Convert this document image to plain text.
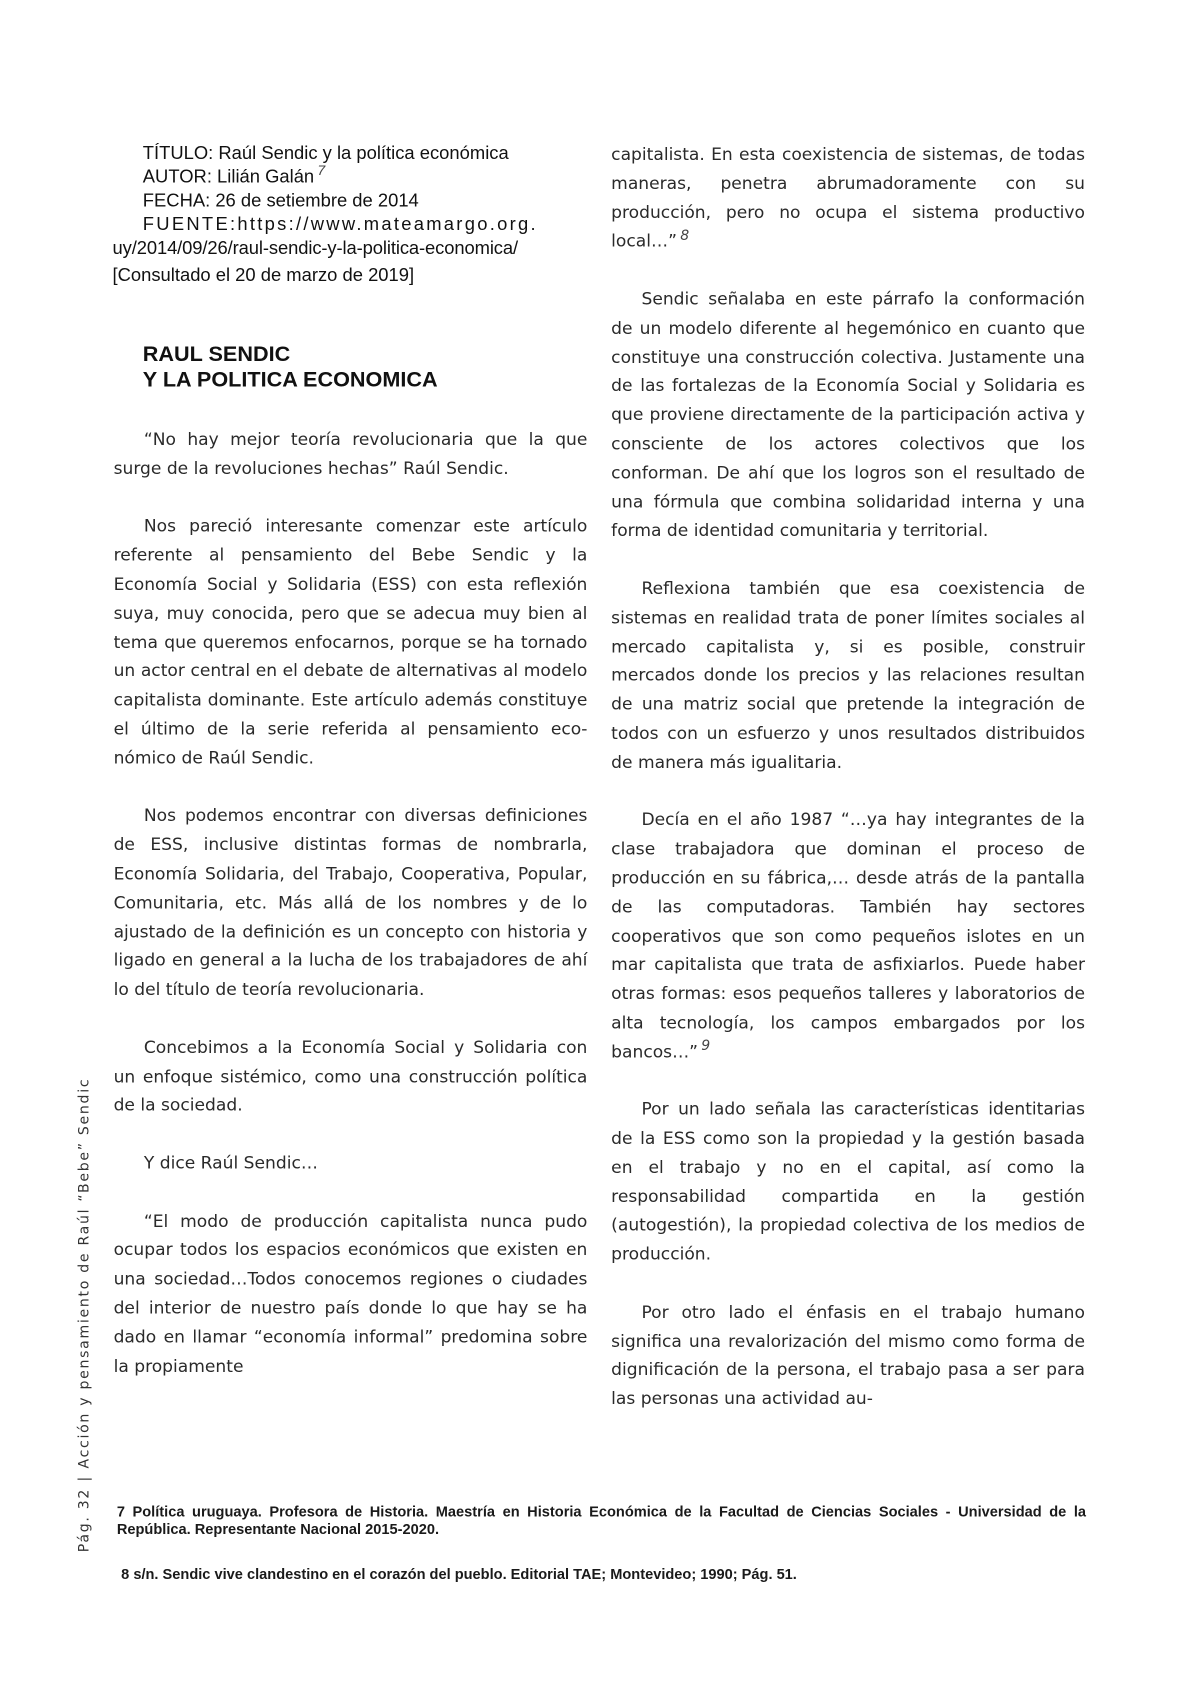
TÍTULO: Raúl Sendic y la política económica
AUTOR: Lilián Galán $^7$
FECHA: 26 de setiembre de 2014
FUENTE:https://www.mateamargo.org.
uy/2014/09/26/raul-sendic-y-la-politica-economica/
[Consultado el 20 de marzo de 2019]
RAUL SENDIC
Y LA POLITICA ECONOMICA

“No hay mejor teoría revolucionaria que la que surge de la revoluciones hechas” Raúl Sendic.

Nos pareció interesante comenzar este artículo referente al pensamiento del Bebe Sendic y la Economía Social y Solidaria (ESS) con esta reflexión suya, muy conocida, pero que se adecua muy bien al tema que queremos enfocarnos, porque se ha tornado un actor central en el debate de alternativas al modelo capitalista dominante. Este artículo además constituye el último de la serie referida al pensamiento económico de Raúl Sendic.

Nos podemos encontrar con diversas definiciones de ESS, inclusive distintas formas de nombrarla, Economía Solidaria, del Trabajo, Cooperativa, Popular, Comunitaria, etc. Más allá de los nombres y de lo ajustado de la definición es un concepto con historia y ligado en general a la lucha de los trabajadores de ahí lo del título de teoría revolucionaria.

Concebimos a la Economía Social y Solidaria con un enfoque sistémico, como una construcción política de la sociedad.

Y dice Raúl Sendic…

“El modo de producción capitalista nunca pudo ocupar todos los espacios económicos que existen en una sociedad…Todos conocemos regiones o ciudades del interior de nuestro país donde lo que hay se ha dado en llamar “economía informal” predomina sobre la propiamente

capitalista. En esta coexistencia de sistemas, de todas maneras, penetra abrumadoramente con su producción, pero no ocupa el sistema productivo local…” $^8$

Sendic señalaba en este párrafo la conformación de un modelo diferente al hegemónico en cuanto que constituye una construcción colectiva. Justamente una de las fortalezas de la Economía Social y Solidaria es que proviene directamente de la participación activa y consciente de los actores colectivos que los conforman. De ahí que los logros son el resultado de una fórmula que combina solidaridad interna y una forma de identidad comunitaria y territorial.

Reflexiona también que esa coexistencia de sistemas en realidad trata de poner límites sociales al mercado capitalista y, si es posible, construir mercados donde los precios y las relaciones resultan de una matriz social que pretende la integración de todos con un esfuerzo y unos resultados distribuidos de manera más igualitaria.

Decía en el año 1987 “…ya hay integrantes de la clase trabajadora que dominan el proceso de producción en su fábrica,… desde atrás de la pantalla de las computadoras. También hay sectores cooperativos que son como pequeños islotes en un mar capitalista que trata de asfixiarlos. Puede haber otras formas: esos pequeños talleres y laboratorios de alta tecnología, los campos embargados por los bancos…” $^9$

Por un lado señala las características identitarias de la ESS como son la propiedad y la gestión basada en el trabajo y no en el capital, así como la responsabilidad compartida en la gestión (autogestión), la propiedad colectiva de los medios de producción.

Por otro lado el énfasis en el trabajo humano significa una revalorización del mismo como forma de dignificación de la persona, el trabajo pasa a ser para las personas una actividad au-

Pág. 32|Acción y pensamiento de Raúl “Bebe” Sendic
7 Política uruguaya. Profesora de Historia. Maestría en Historia Económica de la Facultad de Ciencias Sociales - Universidad de la República. Representante Nacional 2015-2020.
8 s/n. Sendic vive clandestino en el corazón del pueblo. Editorial TAE; Montevideo; 1990; Pág. 51.
